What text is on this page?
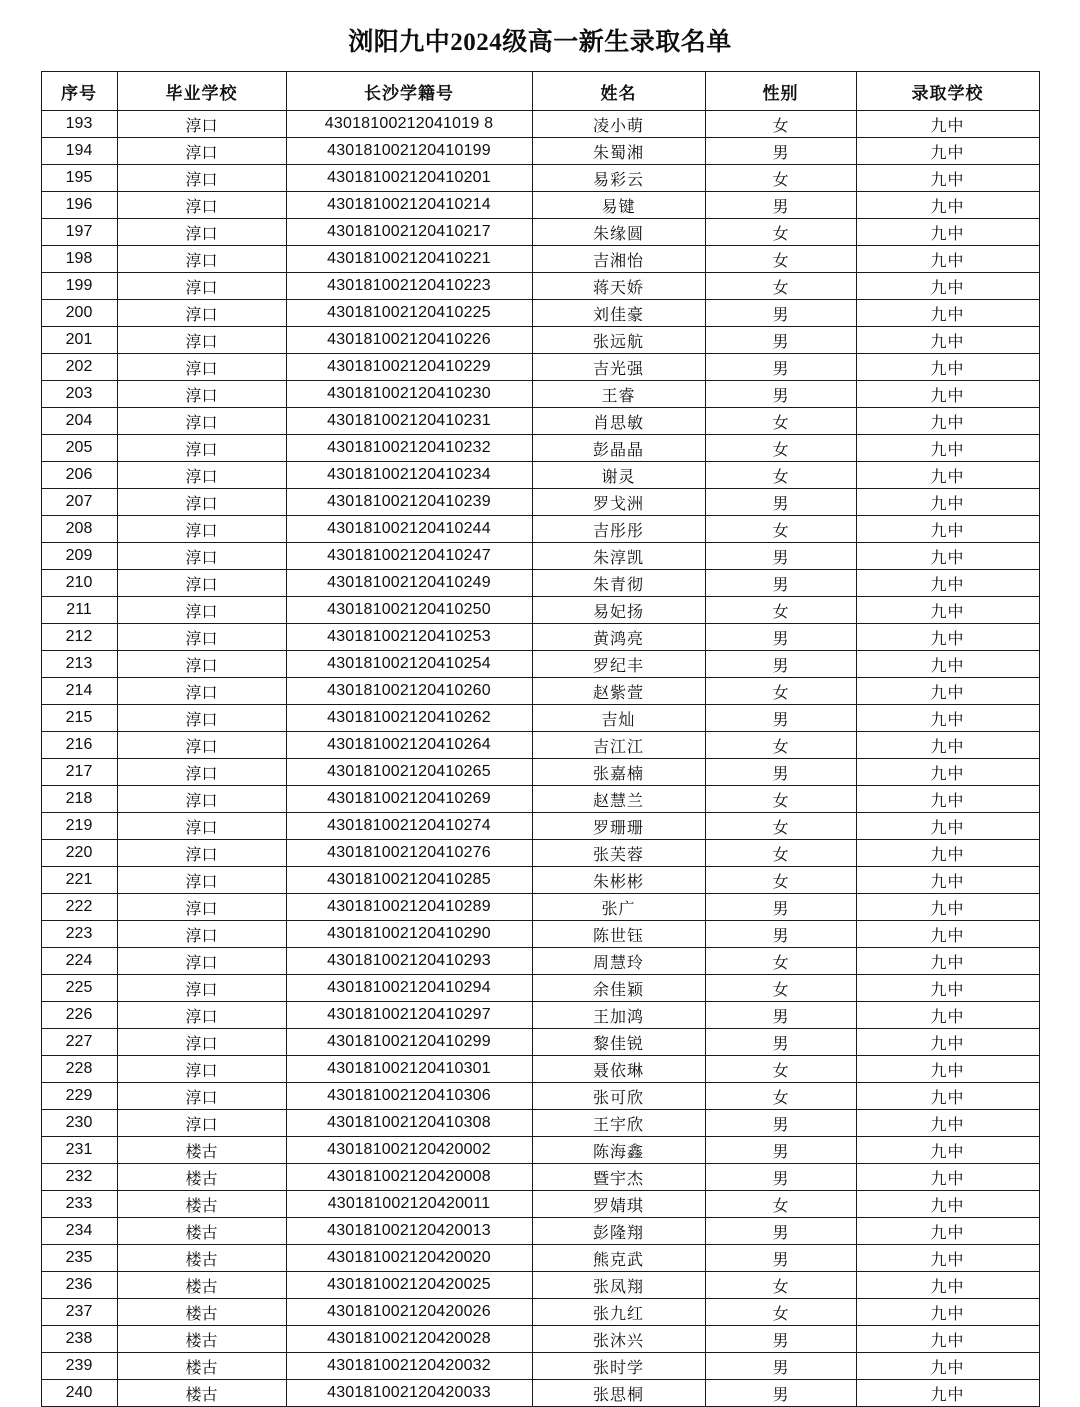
浏阳九中2024级高一新生录取名单
序号	毕业学校	长沙学籍号	姓名	性别	录取学校
193	淳口	43018100212041019 8	凌小萌	女	九中
194	淳口	430181002120410199	朱蜀湘	男	九中
195	淳口	430181002120410201	易彩云	女	九中
196	淳口	430181002120410214	易键	男	九中
197	淳口	430181002120410217	朱缘圆	女	九中
198	淳口	430181002120410221	吉湘怡	女	九中
199	淳口	430181002120410223	蒋天娇	女	九中
200	淳口	430181002120410225	刘佳豪	男	九中
201	淳口	430181002120410226	张远航	男	九中
202	淳口	430181002120410229	吉光强	男	九中
203	淳口	430181002120410230	王睿	男	九中
204	淳口	430181002120410231	肖思敏	女	九中
205	淳口	430181002120410232	彭晶晶	女	九中
206	淳口	430181002120410234	谢灵	女	九中
207	淳口	430181002120410239	罗戈洲	男	九中
208	淳口	430181002120410244	吉彤彤	女	九中
209	淳口	430181002120410247	朱淳凯	男	九中
210	淳口	430181002120410249	朱青彻	男	九中
211	淳口	430181002120410250	易妃扬	女	九中
212	淳口	430181002120410253	黄鸿亮	男	九中
213	淳口	430181002120410254	罗纪丰	男	九中
214	淳口	430181002120410260	赵紫萱	女	九中
215	淳口	430181002120410262	吉灿	男	九中
216	淳口	430181002120410264	吉江江	女	九中
217	淳口	430181002120410265	张嘉楠	男	九中
218	淳口	430181002120410269	赵慧兰	女	九中
219	淳口	430181002120410274	罗珊珊	女	九中
220	淳口	430181002120410276	张芙蓉	女	九中
221	淳口	430181002120410285	朱彬彬	女	九中
222	淳口	430181002120410289	张广	男	九中
223	淳口	430181002120410290	陈世钰	男	九中
224	淳口	430181002120410293	周慧玲	女	九中
225	淳口	430181002120410294	余佳颖	女	九中
226	淳口	430181002120410297	王加鸿	男	九中
227	淳口	430181002120410299	黎佳锐	男	九中
228	淳口	430181002120410301	聂依琳	女	九中
229	淳口	430181002120410306	张可欣	女	九中
230	淳口	430181002120410308	王宇欣	男	九中
231	楼古	430181002120420002	陈海鑫	男	九中
232	楼古	430181002120420008	暨宇杰	男	九中
233	楼古	430181002120420011	罗婧琪	女	九中
234	楼古	430181002120420013	彭隆翔	男	九中
235	楼古	430181002120420020	熊克武	男	九中
236	楼古	430181002120420025	张凤翔	女	九中
237	楼古	430181002120420026	张九红	女	九中
238	楼古	430181002120420028	张沐兴	男	九中
239	楼古	430181002120420032	张时学	男	九中
240	楼古	430181002120420033	张思桐	男	九中
